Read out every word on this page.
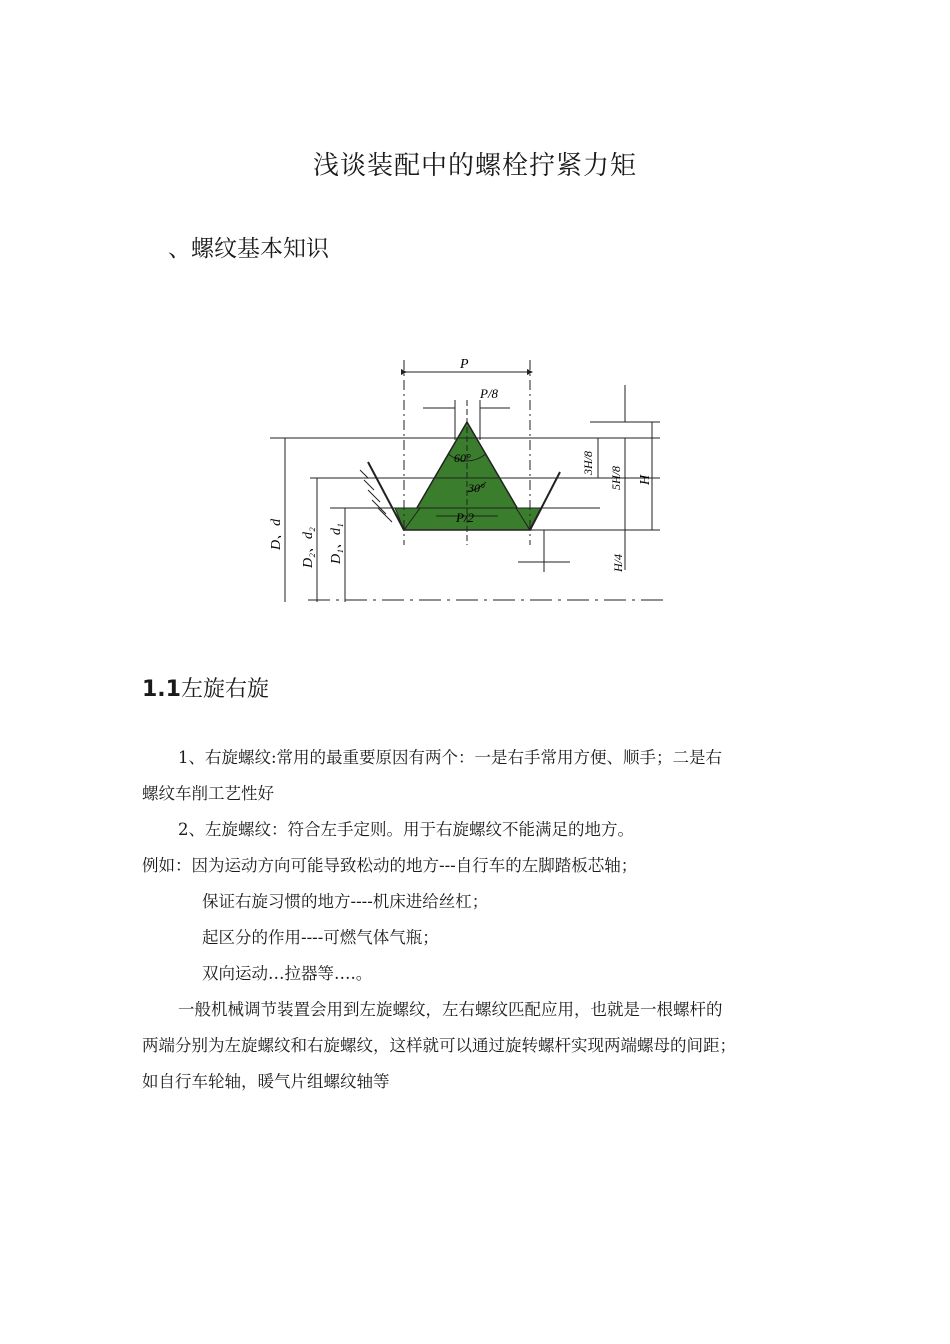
浅谈装配中的螺栓拧紧力矩
、螺纹基本知识
P
P/8
60°
30°
P/2
3H/8
5H/8 H
H/4
D、d D₂、d₂ D₁、d₁
1.1左旋右旋
1、右旋螺纹:常用的最重要原因有两个：一是右手常用方便、顺手；二是右
螺纹车削工艺性好
2、左旋螺纹：符合左手定则。用于右旋螺纹不能满足的地方。
例如：因为运动方向可能导致松动的地方---自行车的左脚踏板芯轴；
保证右旋习惯的地方----机床进给丝杠；
起区分的作用----可燃气体气瓶；
双向运动…拉器等….。
一般机械调节装置会用到左旋螺纹，左右螺纹匹配应用，也就是一根螺杆的
两端分别为左旋螺纹和右旋螺纹，这样就可以通过旋转螺杆实现两端螺母的间距；
如自行车轮轴，暖气片组螺纹轴等
